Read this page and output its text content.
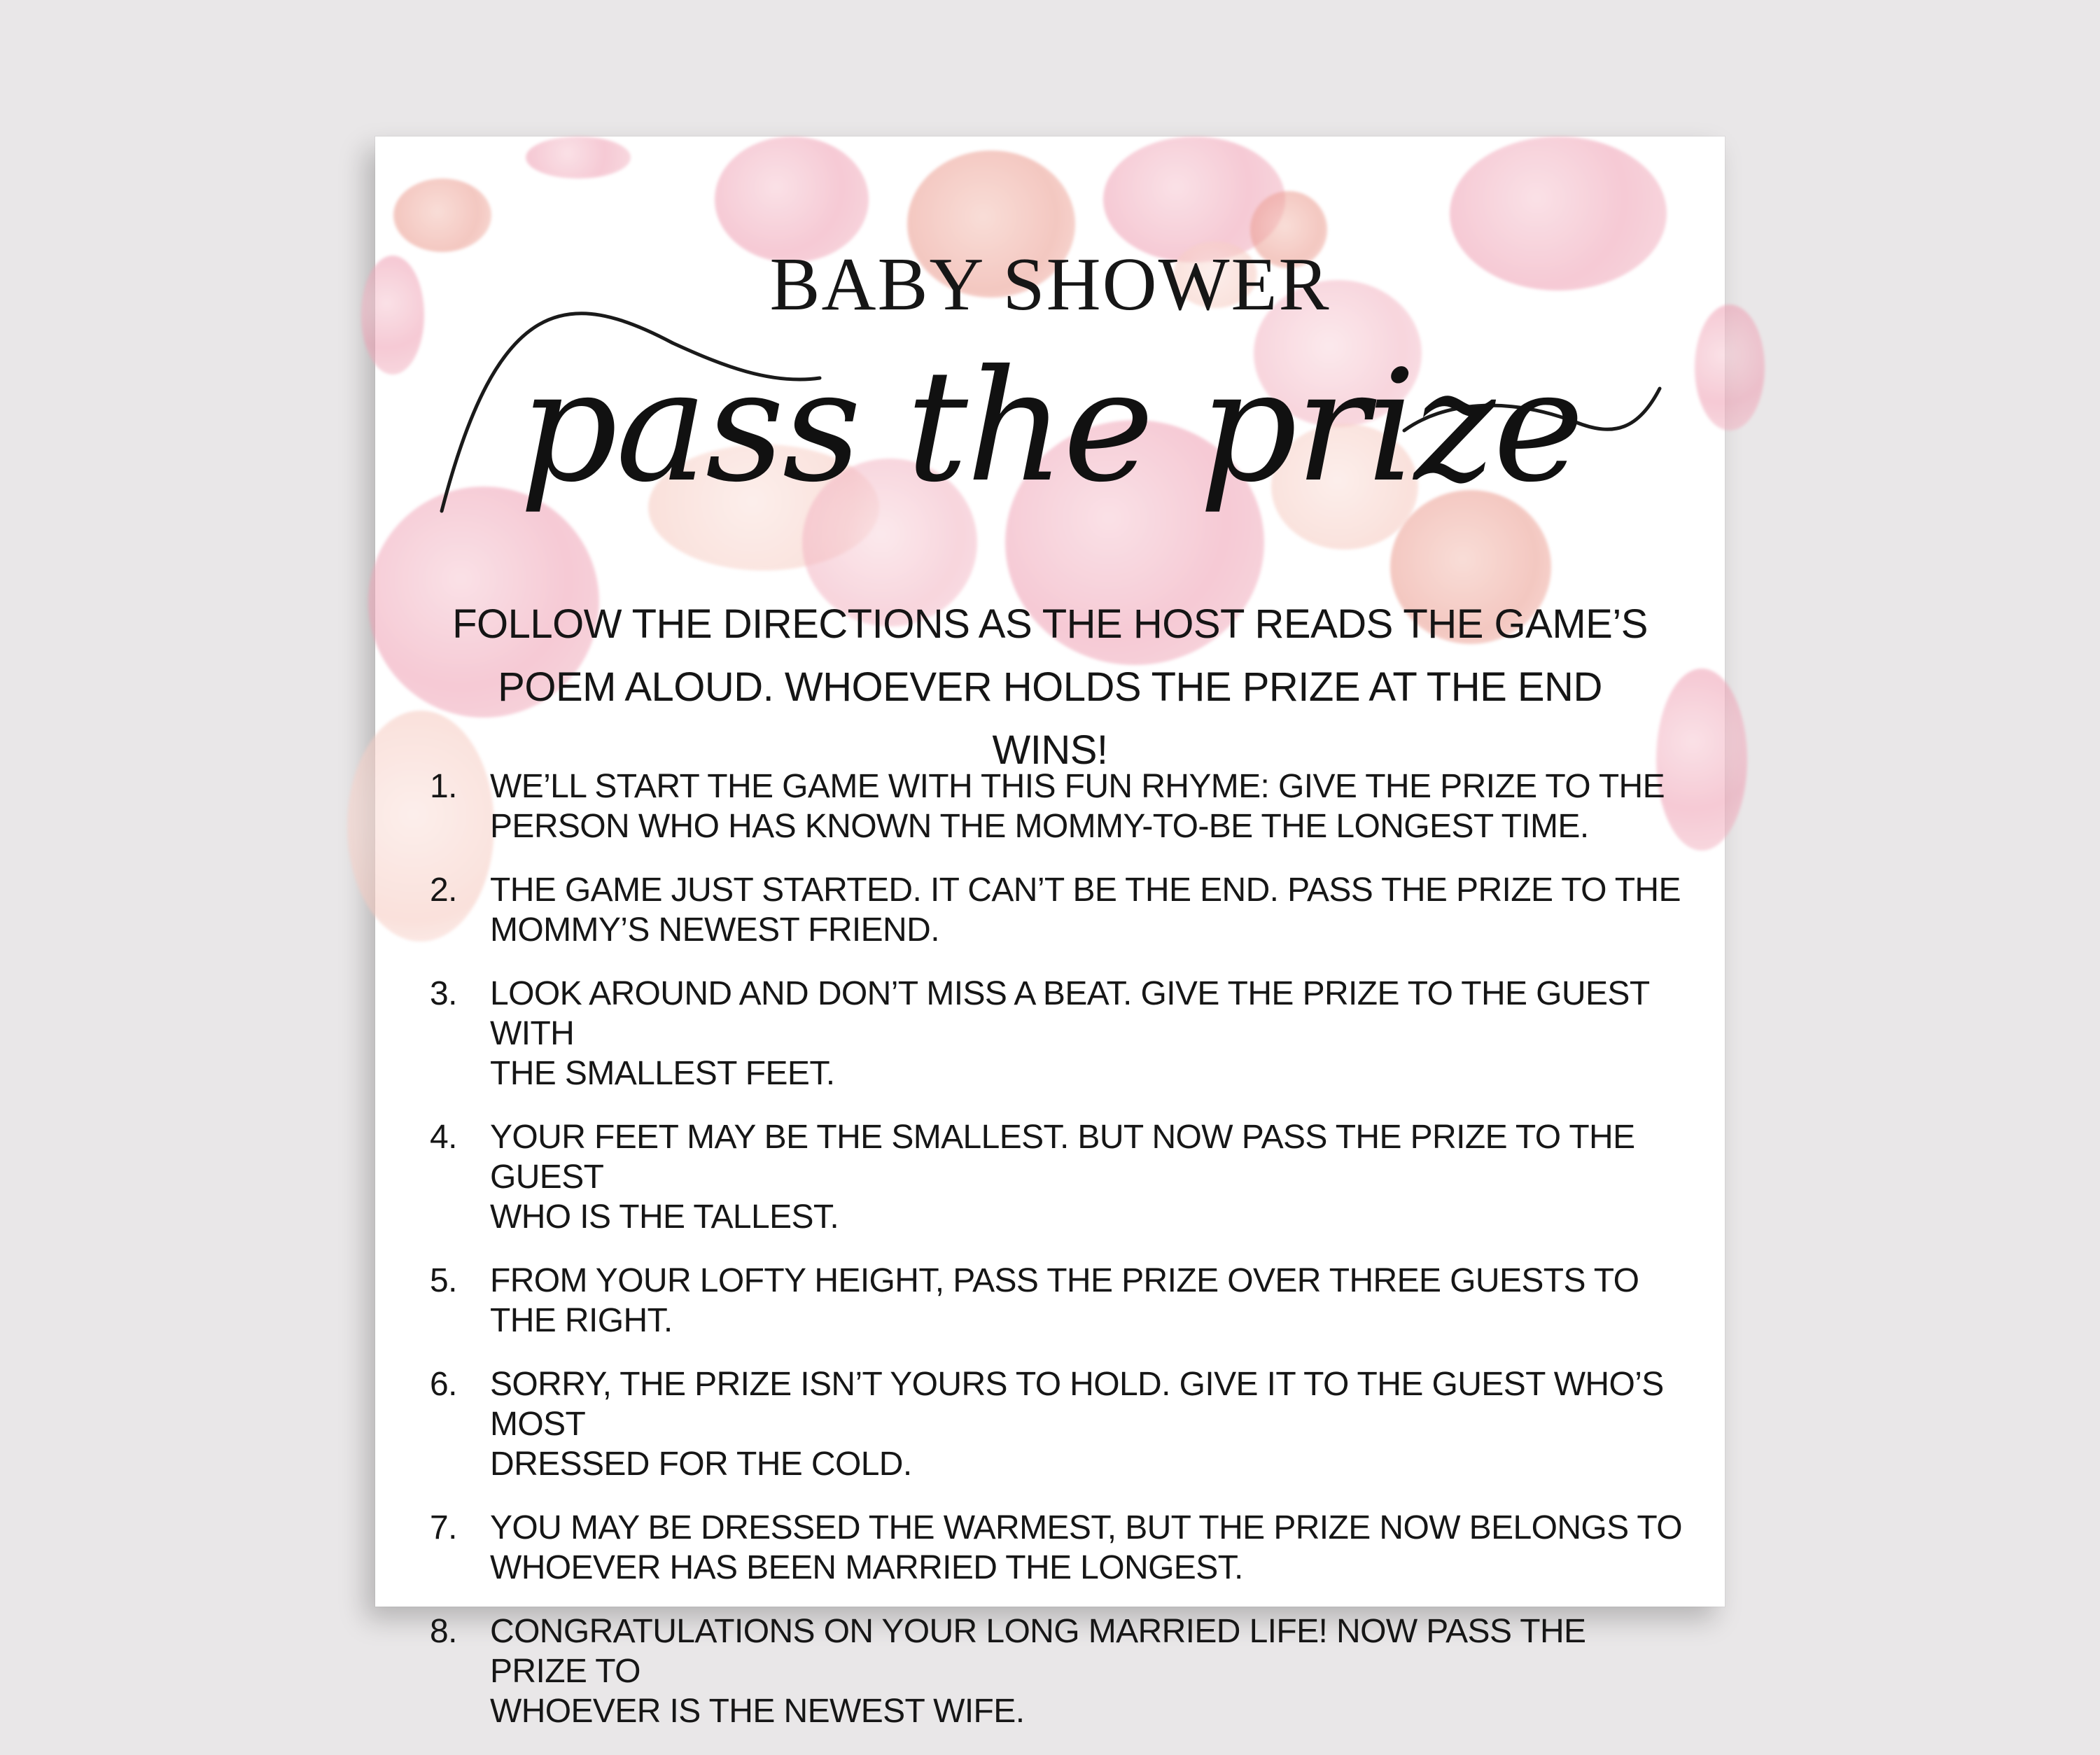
BABY SHOWER
pass the prize
FOLLOW THE DIRECTIONS AS THE HOST READS THE GAME’S
POEM ALOUD. WHOEVER HOLDS THE PRIZE AT THE END WINS!
1. WE’LL START THE GAME WITH THIS FUN RHYME: GIVE THE PRIZE TO THE
PERSON WHO HAS KNOWN THE MOMMY-TO-BE THE LONGEST TIME.
2. THE GAME JUST STARTED. IT CAN’T BE THE END. PASS THE PRIZE TO THE
MOMMY’S NEWEST FRIEND.
3. LOOK AROUND AND DON’T MISS A BEAT. GIVE THE PRIZE TO THE GUEST WITH
THE SMALLEST FEET.
4. YOUR FEET MAY BE THE SMALLEST. BUT NOW PASS THE PRIZE TO THE GUEST
WHO IS THE TALLEST.
5. FROM YOUR LOFTY HEIGHT, PASS THE PRIZE OVER THREE GUESTS TO THE RIGHT.
6. SORRY, THE PRIZE ISN’T YOURS TO HOLD. GIVE IT TO THE GUEST WHO’S MOST
DRESSED FOR THE COLD.
7. YOU MAY BE DRESSED THE WARMEST, BUT THE PRIZE NOW BELONGS TO
WHOEVER HAS BEEN MARRIED THE LONGEST.
8. CONGRATULATIONS ON YOUR LONG MARRIED LIFE! NOW PASS THE PRIZE TO
WHOEVER IS THE NEWEST WIFE.
